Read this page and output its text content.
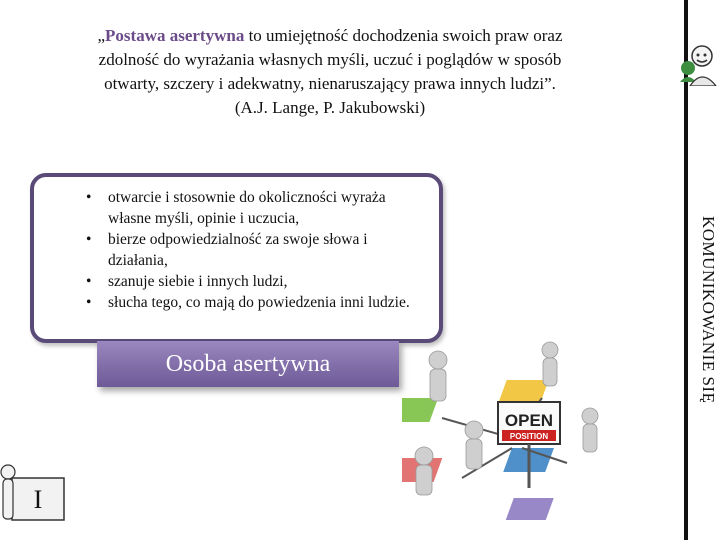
„Postawa asertywna to umiejętność dochodzenia swoich praw oraz
zdolność do wyrażania własnych myśli, uczuć i poglądów w sposób
otwarty, szczery i adekwatny, nienaruszający prawa innych ludzi”.
(A.J. Lange, P. Jakubowski)
KOMUNIKOWANIE SIĘ
• otwarcie i stosownie do okoliczności wyraża własne myśli, opinie i uczucia,
• bierze odpowiedzialność za swoje słowa i działania,
• szanuje siebie i innych ludzi,
• słucha tego, co mają do powiedzenia inni ludzie.
Osoba asertywna
OPEN
POSITION
I
